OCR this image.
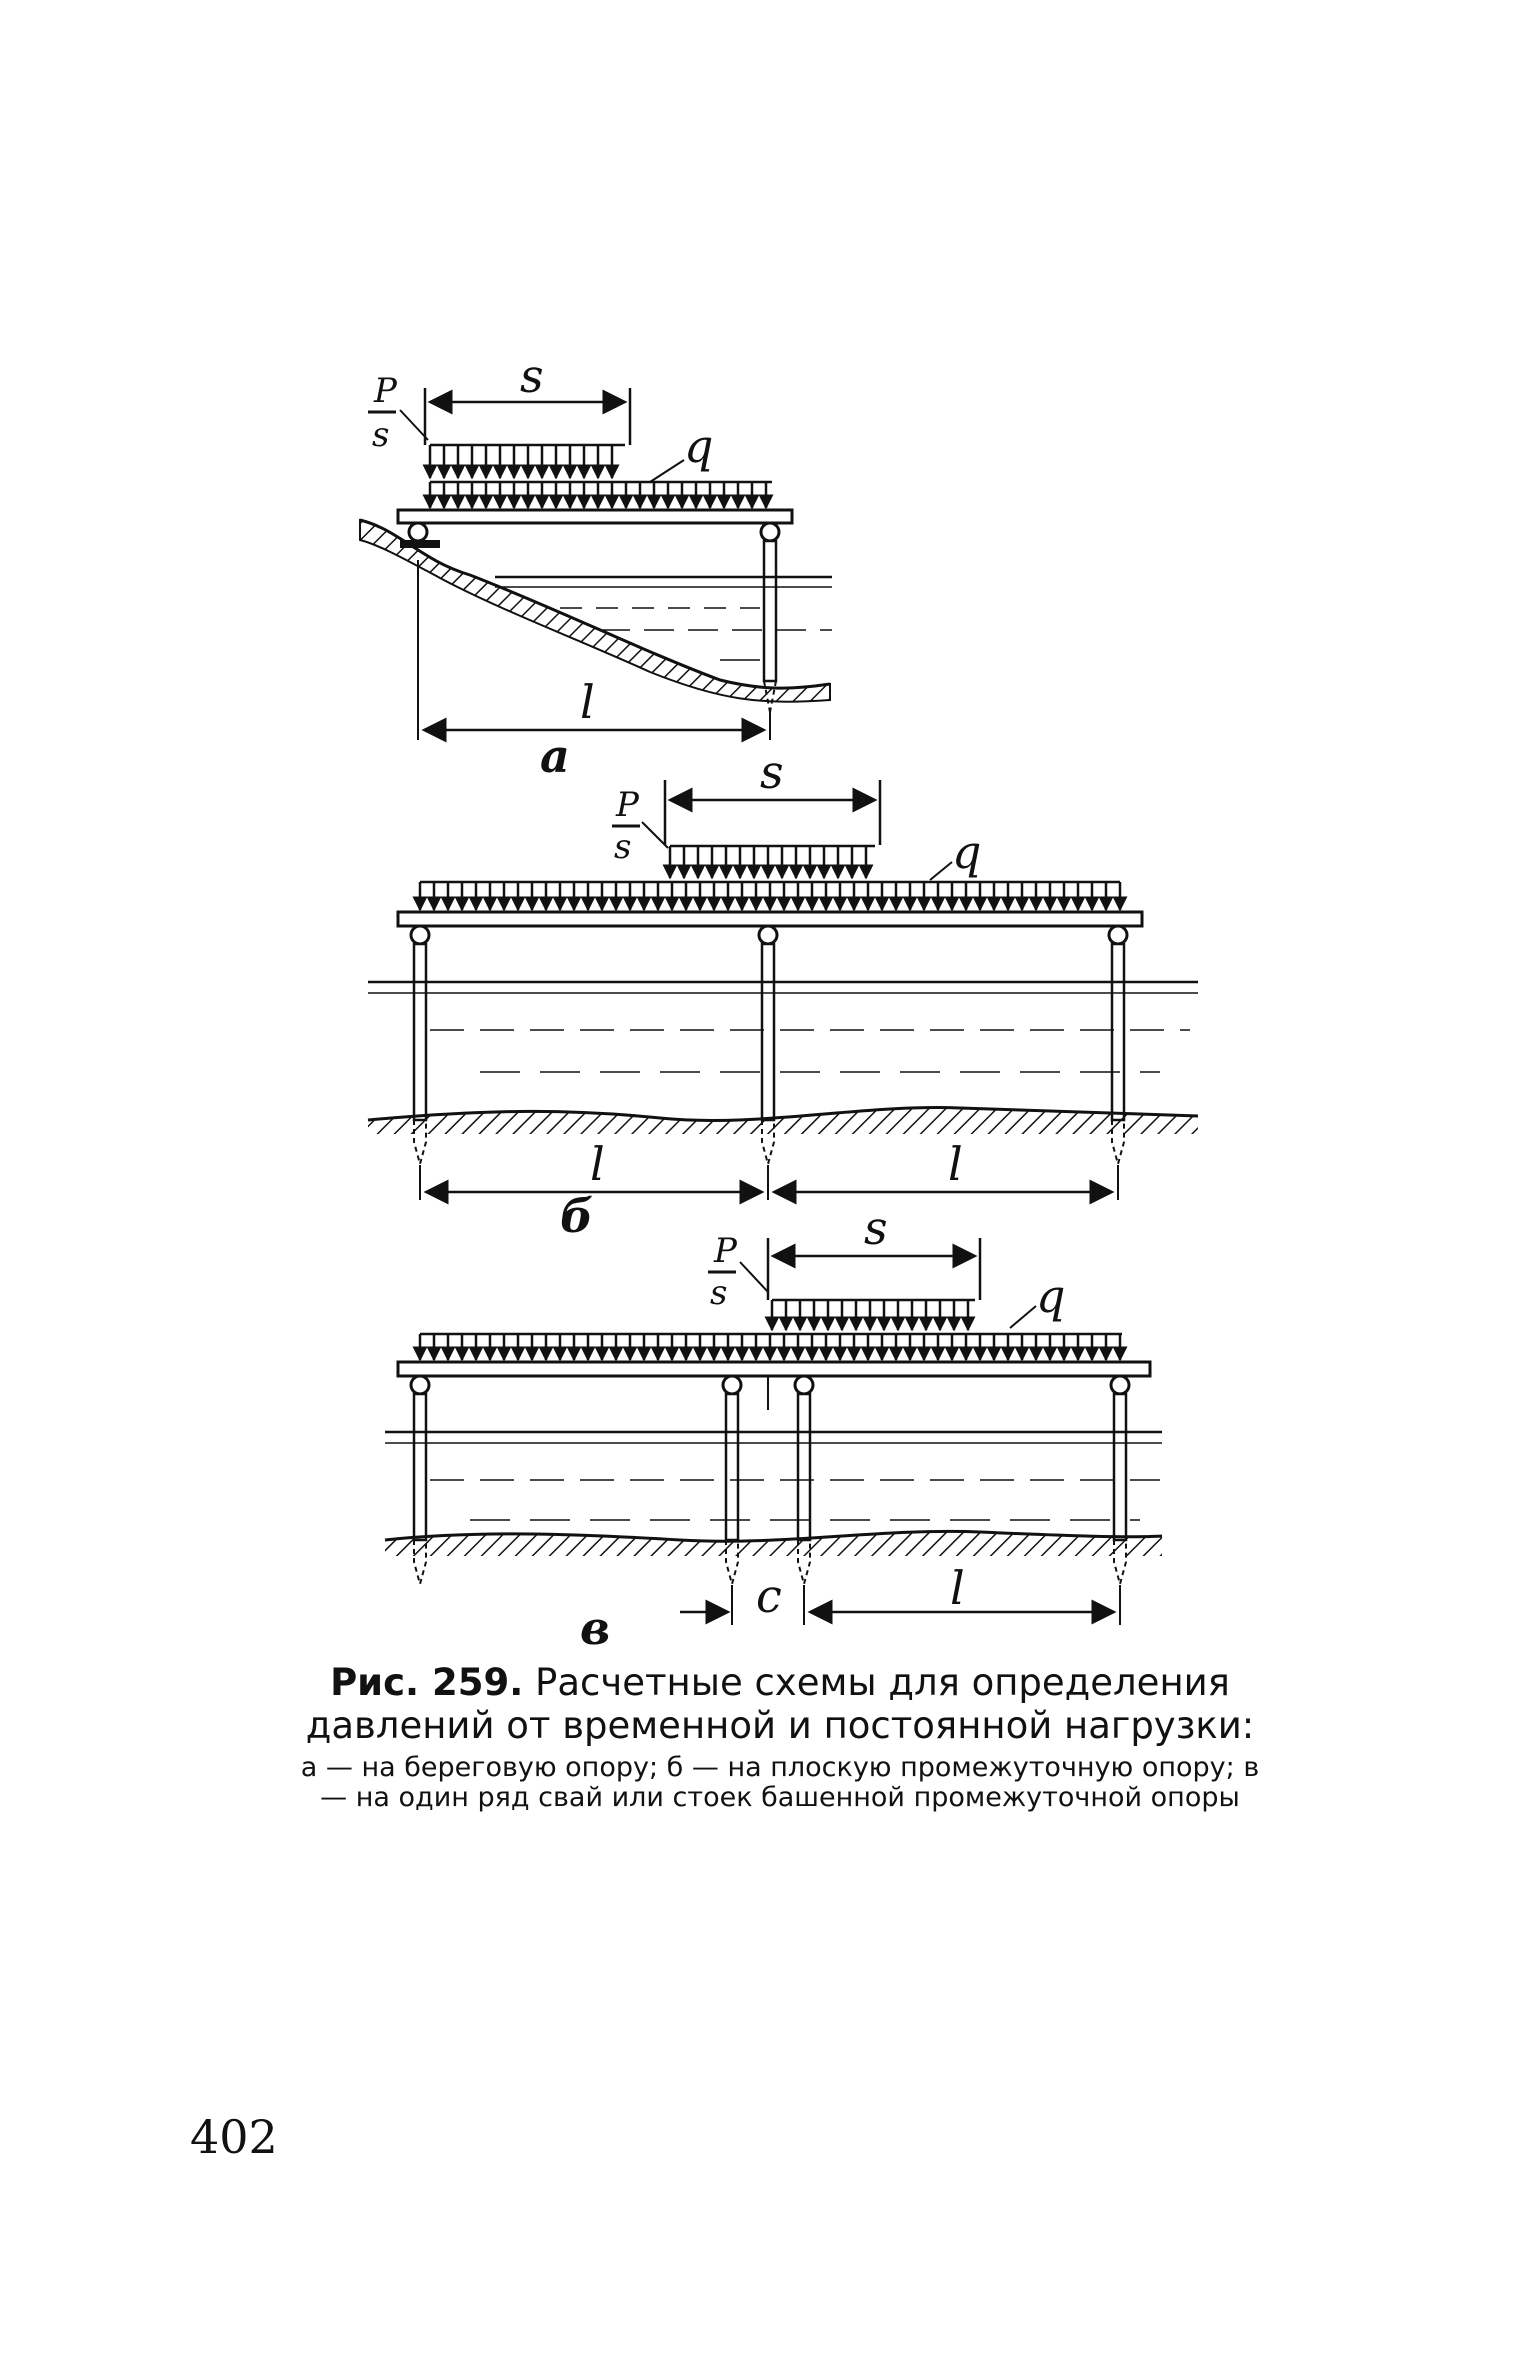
P
s
s
q
l
а
P
s
s
q
l	l
б
P
s
s
q
c	l
в
Рис. 259. Расчетные схемы для определения давлений от временной и постоянной нагрузки:
а — на береговую опору; б — на плоскую промежуточную опору; в — на один ряд свай или стоек башенной промежуточной опоры
402
